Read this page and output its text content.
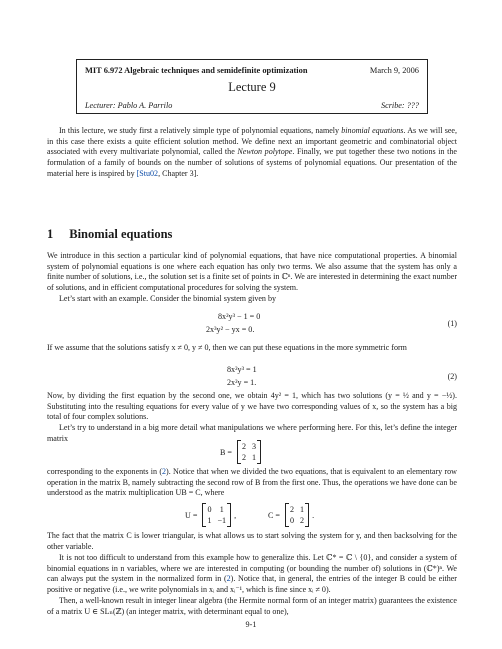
MIT 6.972 Algebraic techniques and semidefinite optimization	March 9, 2006
Lecture 9
Lecturer: Pablo A. Parrilo	Scribe: ???

In this lecture, we study first a relatively simple type of polynomial equations, namely binomial equations. As we will see, in this case there exists a quite efficient solution method. We define next an important geometric and combinatorial object associated with every multivariate polynomial, called the Newton polytope. Finally, we put together these two notions in the formulation of a family of bounds on the number of solutions of systems of polynomial equations. Our presentation of the material here is inspired by [Stu02, Chapter 3].

1 Binomial equations

We introduce in this section a particular kind of polynomial equations, that have nice computational properties. A binomial system of polynomial equations is one where each equation has only two terms. We also assume that the system has only a finite number of solutions, i.e., the solution set is a finite set of points in ℂⁿ. We are interested in determining the exact number of solutions, and in efficient computational procedures for solving the system.

Let’s start with an example. Consider the binomial system given by

8x²y³ − 1 = 0
2x³y² − yx = 0.
(1)

If we assume that the solutions satisfy x ≠ 0, y ≠ 0, then we can put these equations in the more symmetric form

8x²y³ = 1
2x²y = 1.
(2)

Now, by dividing the first equation by the second one, we obtain 4y² = 1, which has two solutions (y = ½ and y = −½). Substituting into the resulting equations for every value of y we have two corresponding values of x, so the system has a big total of four complex solutions.

Let’s try to understand in a big more detail what manipulations we where performing here. For this, let’s define the integer matrix

B =
2 3
2 1

corresponding to the exponents in (2). Notice that when we divided the two equations, that is equivalent to an elementary row operation in the matrix B, namely subtracting the second row of B from the first one. Thus, the operations we have done can be understood as the matrix multiplication UB = C, where

U =
0 1
1 −1
,	C =
2 1
0 2
.

The fact that the matrix C is lower triangular, is what allows us to start solving the system for y, and then backsolving for the other variable.

It is not too difficult to understand from this example how to generalize this. Let ℂ* = ℂ \ {0}, and consider a system of binomial equations in n variables, where we are interested in computing (or bounding the number of) solutions in (ℂ*)ⁿ. We can always put the system in the normalized form in (2). Notice that, in general, the entries of the integer B could be either positive or negative (i.e., we write polynomials in xᵢ and xᵢ⁻¹, which is fine since xᵢ ≠ 0).

Then, a well-known result in integer linear algebra (the Hermite normal form of an integer matrix) guarantees the existence of a matrix U ∈ SLₙ(ℤ) (an integer matrix, with determinant equal to one),

9-1
